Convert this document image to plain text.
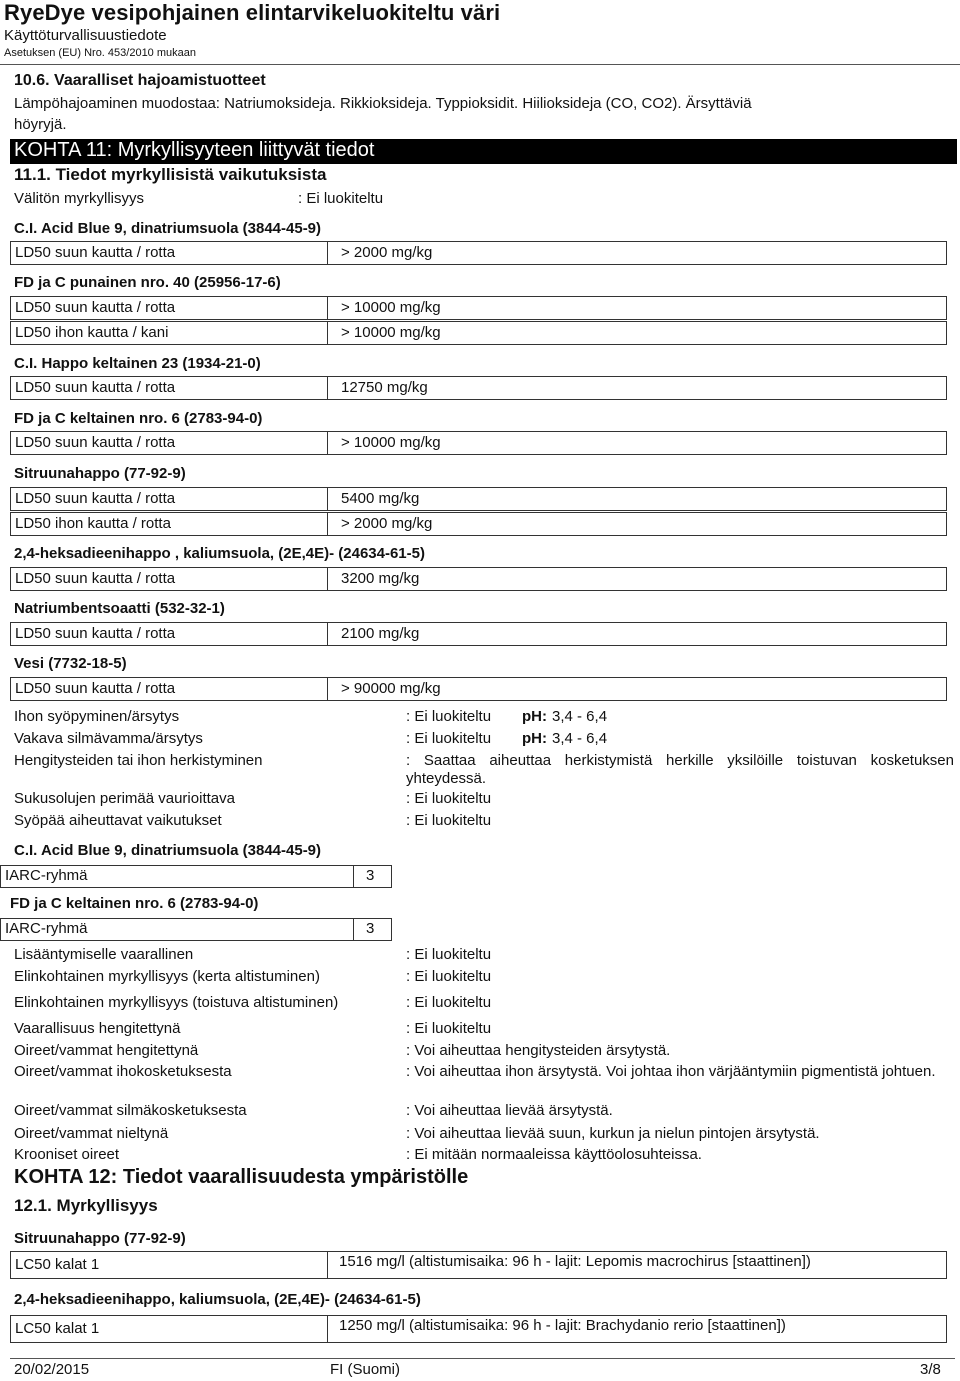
RyeDye vesipohjainen elintarvikeluokiteltu väri
Käyttöturvallisuustiedote
Asetuksen (EU) Nro. 453/2010 mukaan
10.6. Vaaralliset hajoamistuotteet
Lämpöhajoaminen muodostaa: Natriumoksideja. Rikkioksideja. Typpioksidit. Hiilioksideja (CO, CO2). Ärsyttäviä
höyryjä.
KOHTA 11: Myrkyllisyyteen liittyvät tiedot
11.1. Tiedot myrkyllisistä vaikutuksista
Välitön myrkyllisyys	: Ei luokiteltu
C.I. Acid Blue 9, dinatriumsuola (3844-45-9)
LD50 suun kautta / rotta	> 2000 mg/kg
FD ja C punainen nro. 40 (25956-17-6)
LD50 suun kautta / rotta	> 10000 mg/kg
LD50 ihon kautta / kani	> 10000 mg/kg
C.I. Happo keltainen 23 (1934-21-0)
LD50 suun kautta / rotta	12750 mg/kg
FD ja C keltainen nro. 6 (2783-94-0)
LD50 suun kautta / rotta	> 10000 mg/kg
Sitruunahappo (77-92-9)
LD50 suun kautta / rotta	5400 mg/kg
LD50 ihon kautta / rotta	> 2000 mg/kg
2,4-heksadieenihappo , kaliumsuola, (2E,4E)- (24634-61-5)
LD50 suun kautta / rotta	3200 mg/kg
Natriumbentsoaatti (532-32-1)
LD50 suun kautta / rotta	2100 mg/kg
Vesi (7732-18-5)
LD50 suun kautta / rotta	> 90000 mg/kg
Ihon syöpyminen/ärsytys	: Ei luokiteltu pH: 3,4 - 6,4
Vakava silmävamma/ärsytys	: Ei luokiteltu pH: 3,4 - 6,4
Hengitysteiden tai ihon herkistyminen	: Saattaa aiheuttaa herkistymistä herkille yksilöille toistuvan kosketuksen yhteydessä.
Sukusolujen perimää vaurioittava	: Ei luokiteltu
Syöpää aiheuttavat vaikutukset	: Ei luokiteltu
C.I. Acid Blue 9, dinatriumsuola (3844-45-9)
IARC-ryhmä	3
FD ja C keltainen nro. 6 (2783-94-0)
IARC-ryhmä	3
Lisääntymiselle vaarallinen	: Ei luokiteltu
Elinkohtainen myrkyllisyys (kerta altistuminen)	: Ei luokiteltu
Elinkohtainen myrkyllisyys (toistuva altistuminen)	: Ei luokiteltu
Vaarallisuus hengitettynä	: Ei luokiteltu
Oireet/vammat hengitettynä	: Voi aiheuttaa hengitysteiden ärsytystä.
Oireet/vammat ihokosketuksesta	: Voi aiheuttaa ihon ärsytystä. Voi johtaa ihon värjääntymiin pigmentistä johtuen.
Oireet/vammat silmäkosketuksesta	: Voi aiheuttaa lievää ärsytystä.
Oireet/vammat nieltynä	: Voi aiheuttaa lievää suun, kurkun ja nielun pintojen ärsytystä.
Krooniset oireet	: Ei mitään normaaleissa käyttöolosuhteissa.
KOHTA 12: Tiedot vaarallisuudesta ympäristölle
12.1. Myrkyllisyys
Sitruunahappo (77-92-9)
LC50 kalat 1	1516 mg/l (altistumisaika: 96 h - lajit: Lepomis macrochirus [staattinen])
2,4-heksadieenihappo, kaliumsuola, (2E,4E)- (24634-61-5)
LC50 kalat 1	1250 mg/l (altistumisaika: 96 h - lajit: Brachydanio rerio [staattinen])
20/02/2015	FI (Suomi)	3/8
